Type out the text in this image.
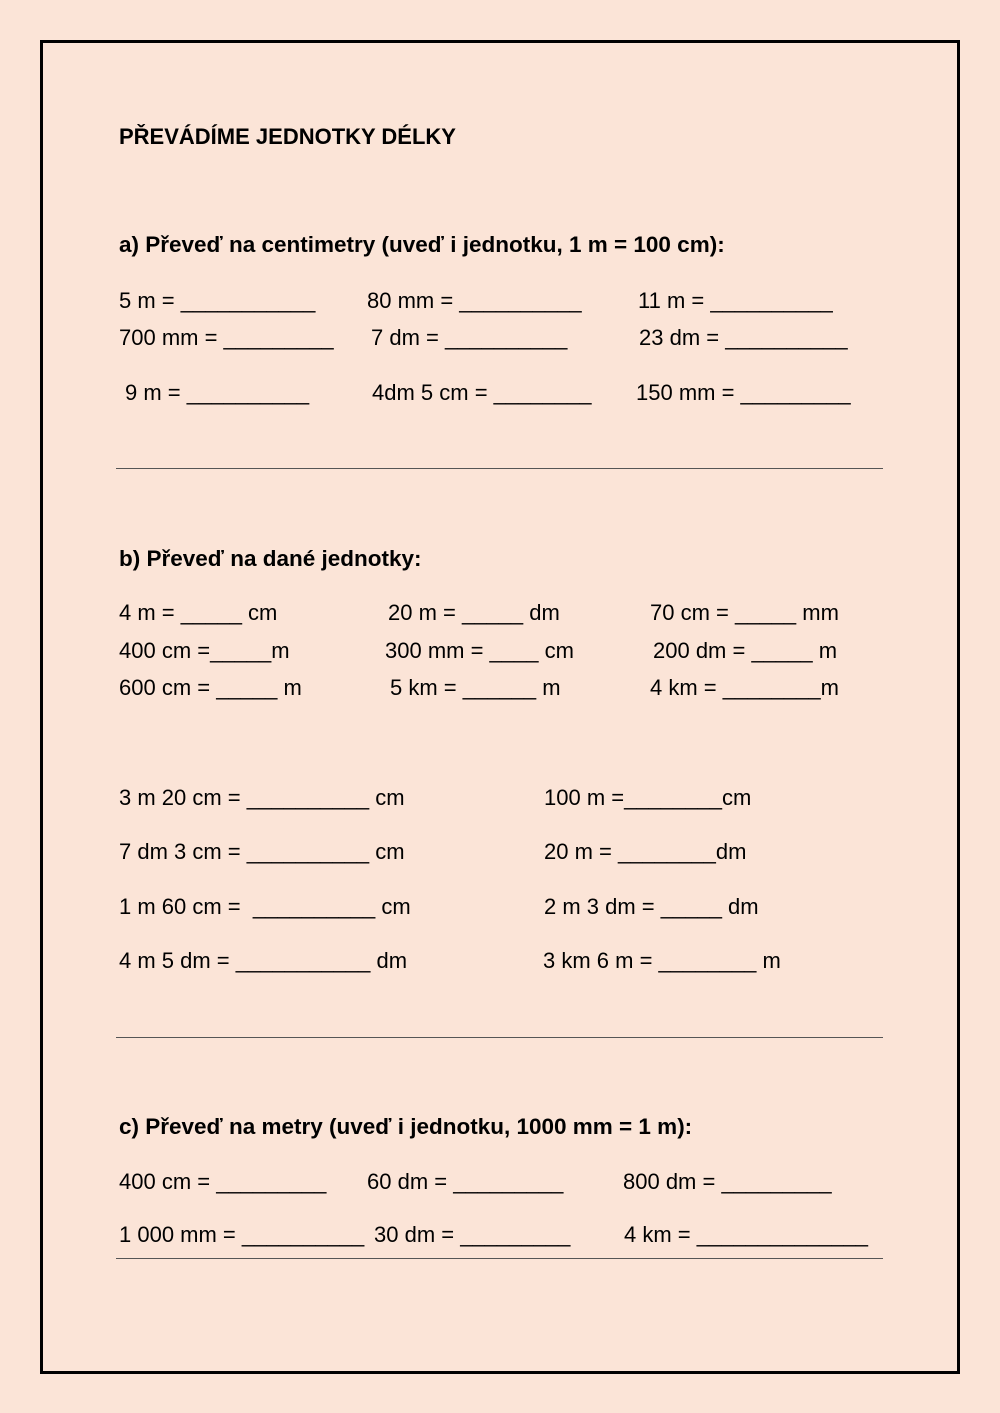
PŘEVÁDÍME JEDNOTKY DÉLKY
a) Převeď na centimetry (uveď i jednotku, 1 m = 100 cm):
5 m = ___________ 80 mm = __________	11 m = __________
700 mm = _________ 7 dm = __________	23 dm = __________
9 m = __________	4dm 5 cm = ________ 150 mm = _________
b) Převeď na dané jednotky:
4 m = _____ cm	20 m = _____ dm	70 cm = _____ mm
400 cm =_____m	300 mm = ____ cm	200 dm = _____ m
600 cm = _____ m	5 km = ______ m	4 km = ________m
3 m 20 cm = __________ cm	100 m =________cm
7 dm 3 cm = __________ cm	20 m = ________dm
1 m 60 cm =  __________ cm	2 m 3 dm = _____ dm
4 m 5 dm = ___________ dm	3 km 6 m = ________ m
c) Převeď na metry (uveď i jednotku, 1000 mm = 1 m):
400 cm = _________ 60 dm = _________	800 dm = _________
1 000 mm = __________ 30 dm = _________ 4 km = ______________
